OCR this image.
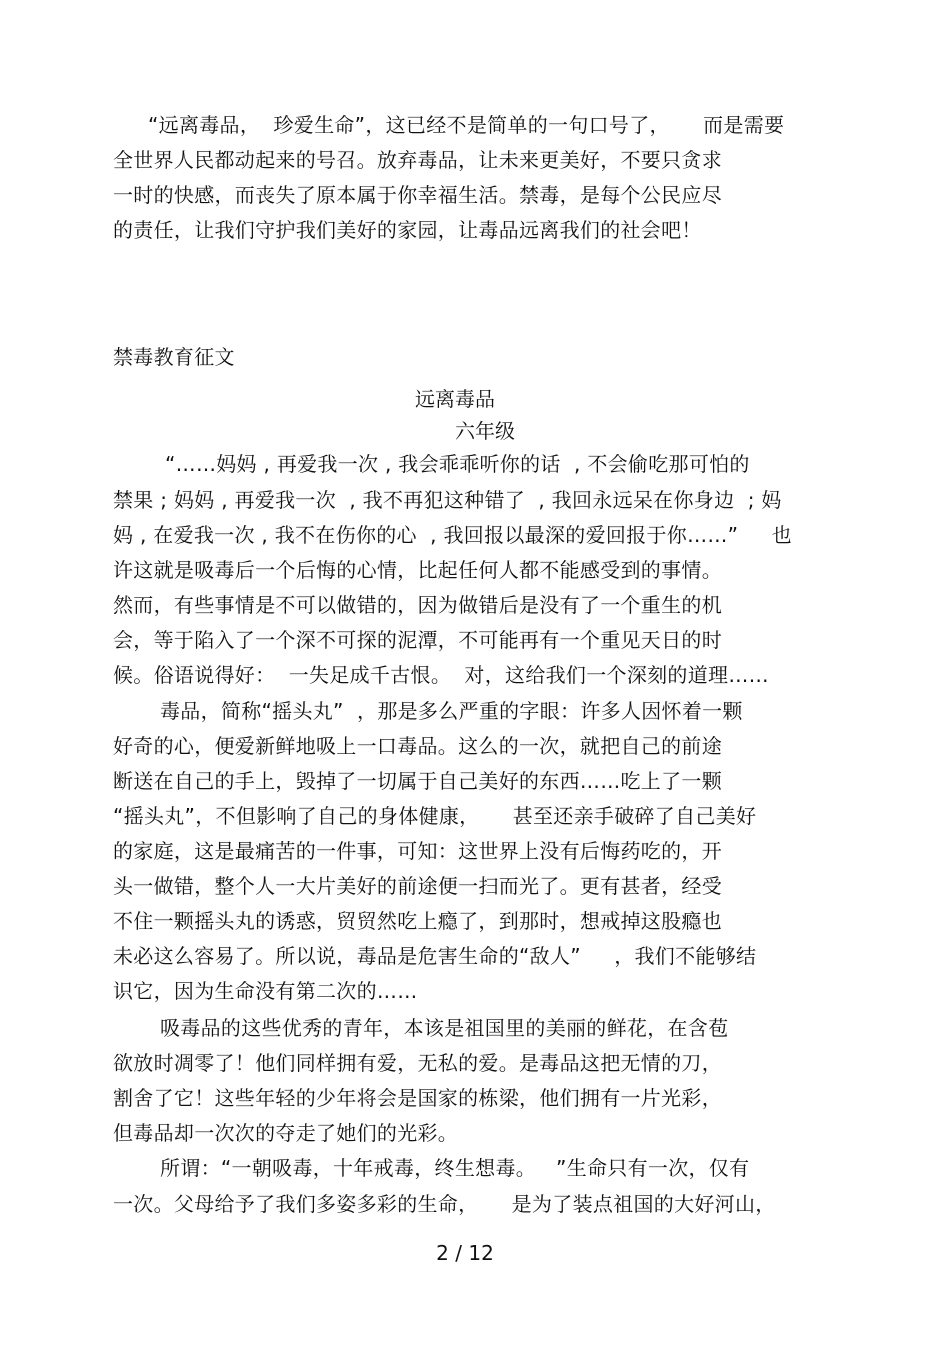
“远离毒品，  珍爱生命”，这已经不是简单的一句口号了，     而是需要
全世界人民都动起来的号召。放弃毒品，让未来更美好，不要只贪求
一时的快感，而丧失了原本属于你幸福生活。禁毒，是每个公民应尽
的责任，让我们守护我们美好的家园，让毒品远离我们的社会吧！
禁毒教育征文
远离毒品
六年级
“……妈妈 , 再爱我一次 , 我会乖乖听你的话  , 不会偷吃那可怕的
禁果 ; 妈妈 , 再爱我一次  , 我不再犯这种错了  , 我回永远呆在你身边  ; 妈
妈 , 在爱我一次 , 我不在伤你的心  , 我回报以最深的爱回报于你……”     也
许这就是吸毒后一个后悔的心情，比起任何人都不能感受到的事情。
然而，有些事情是不可以做错的，因为做错后是没有了一个重生的机
会，等于陷入了一个深不可探的泥潭，不可能再有一个重见天日的时
候。俗语说得好：  一失足成千古恨。  对，这给我们一个深刻的道理……
毒品，简称“摇头丸”  ，那是多么严重的字眼：许多人因怀着一颗
好奇的心，便爱新鲜地吸上一口毒品。这么的一次，就把自己的前途
断送在自己的手上，毁掉了一切属于自己美好的东西……吃上了一颗
“摇头丸”，不但影响了自己的身体健康，     甚至还亲手破碎了自己美好
的家庭，这是最痛苦的一件事，可知：这世界上没有后悔药吃的，开
头一做错，整个人一大片美好的前途便一扫而光了。更有甚者，经受
不住一颗摇头丸的诱惑，贸贸然吃上瘾了，到那时，想戒掉这股瘾也
未必这么容易了。所以说，毒品是危害生命的“敌人”     ，我们不能够结
识它，因为生命没有第二次的……
吸毒品的这些优秀的青年，本该是祖国里的美丽的鲜花，在含苞
欲放时凋零了！他们同样拥有爱，无私的爱。是毒品这把无情的刀，
割舍了它！这些年轻的少年将会是国家的栋梁，他们拥有一片光彩，
但毒品却一次次的夺走了她们的光彩。
所谓：“一朝吸毒，十年戒毒，终生想毒。   ”生命只有一次，仅有
一次。父母给予了我们多姿多彩的生命，     是为了装点祖国的大好河山，
2 / 12
